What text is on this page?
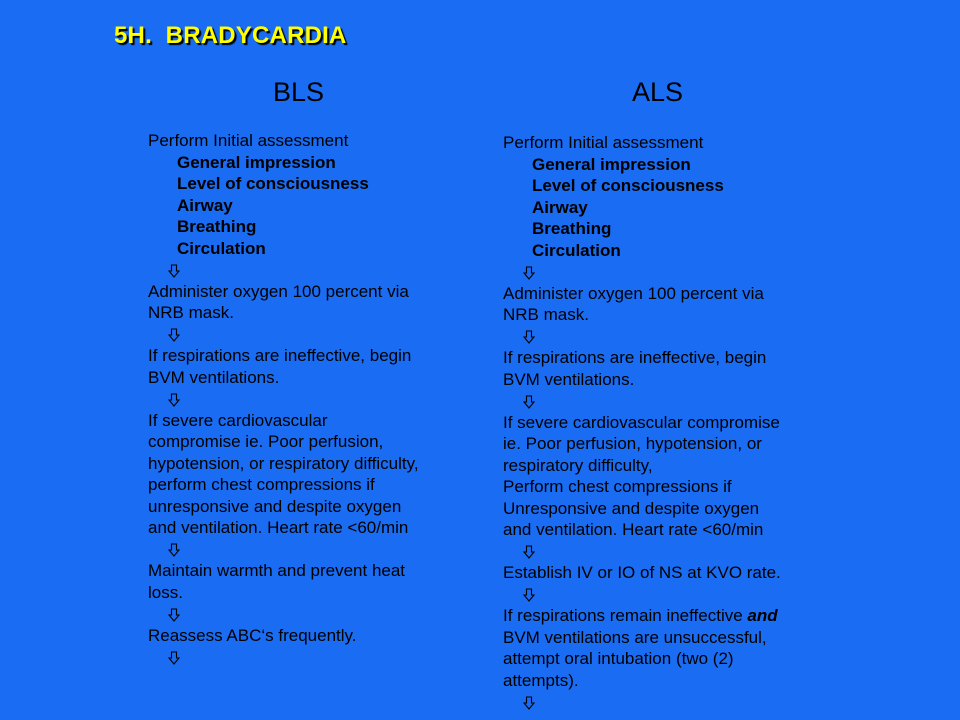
5H.  BRADYCARDIA
BLS	ALS
Perform Initial assessment
General impression
Level of consciousness
Airway
Breathing
Circulation
Administer oxygen 100 percent via
NRB mask.
If respirations are ineffective, begin
BVM ventilations.
If severe cardiovascular
compromise ie. Poor perfusion,
hypotension, or respiratory difficulty,
perform chest compressions if
unresponsive and despite oxygen
and ventilation. Heart rate <60/min
Maintain warmth and prevent heat
loss.
Reassess ABC‘s frequently.
Perform Initial assessment
General impression
Level of consciousness
Airway
Breathing
Circulation
Administer oxygen 100 percent via
NRB mask.
If respirations are ineffective, begin
BVM ventilations.
If severe cardiovascular compromise
ie. Poor perfusion, hypotension, or
respiratory difficulty,
Perform chest compressions if
Unresponsive and despite oxygen
and ventilation. Heart rate <60/min
Establish IV or IO of NS at KVO rate.
If respirations remain ineffective and
BVM ventilations are unsuccessful,
attempt oral intubation (two (2)
attempts).
